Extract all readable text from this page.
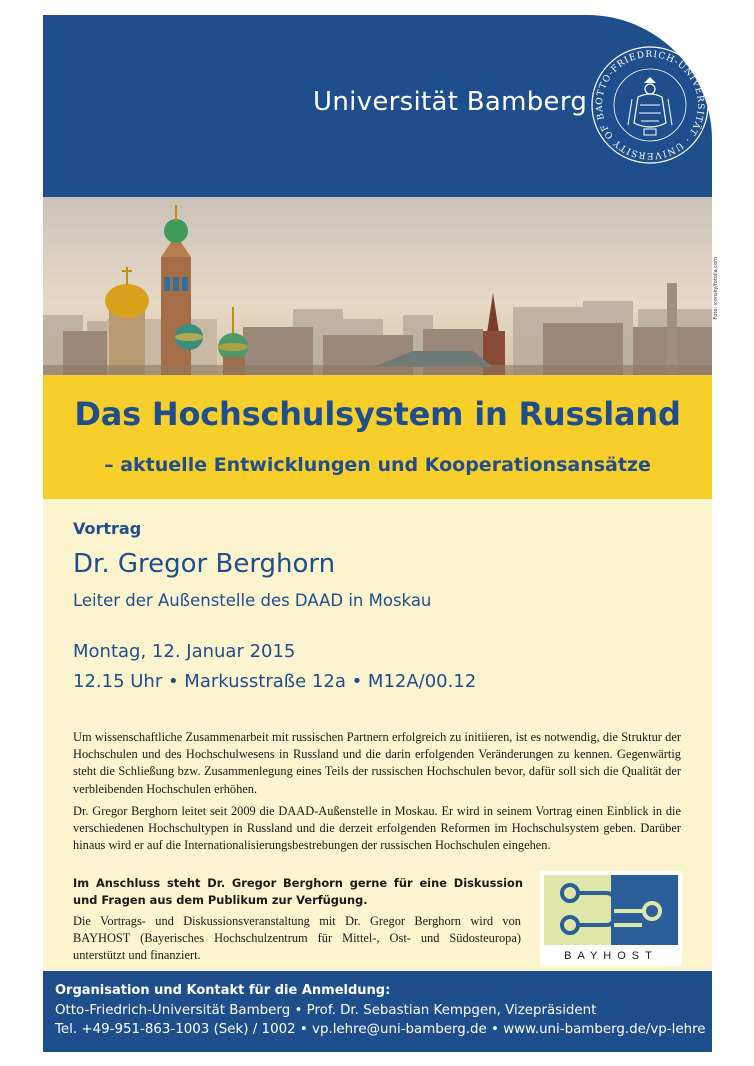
Universität Bamberg OTTO-FRIEDRICH-UNIVERSITÄT · UNIVERSITY OF BA
Foto: iconsky/fotolia.com
Das Hochschulsystem in Russland
– aktuelle Entwicklungen und Kooperationsansätze
Vortrag
Dr. Gregor Berghorn
Leiter der Außenstelle des DAAD in Moskau
Montag, 12. Januar 2015
12.15 Uhr • Markusstraße 12a • M12A/00.12

Um wissenschaftliche Zusammenarbeit mit russischen Partnern erfolgreich zu initiieren, ist es notwendig, die Struktur der Hochschulen und des Hochschulwesens in Russland und die darin erfolgenden Veränderungen zu kennen. Gegenwärtig steht die Schließung bzw. Zusammenlegung eines Teils der russischen Hochschulen bevor, dafür soll sich die Qualität der verbleibenden Hochschulen erhöhen.

Dr. Gregor Berghorn leitet seit 2009 die DAAD-Außenstelle in Moskau. Er wird in seinem Vortrag einen Einblick in die verschiedenen Hochschultypen in Russland und die derzeit erfolgenden Reformen im Hochschulsystem geben. Darüber hinaus wird er auf die Internationalisierungsbestrebungen der russischen Hochschulen eingehen.

Im Anschluss steht Dr. Gregor Berghorn gerne für eine Diskussion und Fragen aus dem Publikum zur Verfügung.

Die Vortrags- und Diskussionsveranstaltung mit Dr. Gregor Berghorn wird von BAYHOST (Bayerisches Hochschulzentrum für Mittel-, Ost- und Südosteuropa) unterstützt und finanziert.	BAYHOST
Organisation und Kontakt für die Anmeldung:
Otto-Friedrich-Universität Bamberg • Prof. Dr. Sebastian Kempgen, Vizepräsident
Tel. +49-951-863-1003 (Sek) / 1002 • vp.lehre@uni-bamberg.de • www.uni-bamberg.de/vp-lehre
